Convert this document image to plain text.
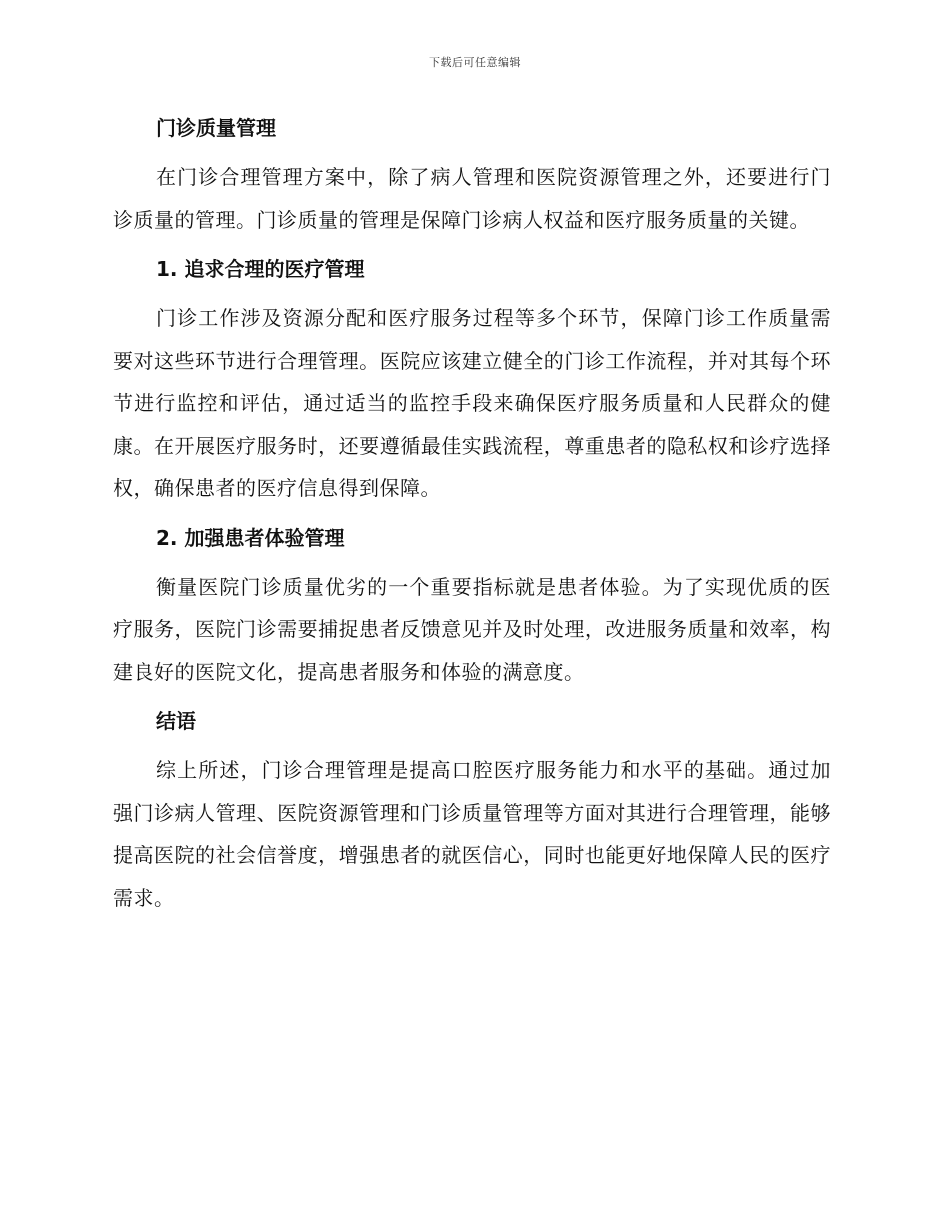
下载后可任意编辑
门诊质量管理

在门诊合理管理方案中，除了病人管理和医院资源管理之外，还要进行门诊质量的管理。门诊质量的管理是保障门诊病人权益和医疗服务质量的关键。

1. 追求合理的医疗管理

门诊工作涉及资源分配和医疗服务过程等多个环节，保障门诊工作质量需要对这些环节进行合理管理。医院应该建立健全的门诊工作流程，并对其每个环节进行监控和评估，通过适当的监控手段来确保医疗服务质量和人民群众的健康。在开展医疗服务时，还要遵循最佳实践流程，尊重患者的隐私权和诊疗选择权，确保患者的医疗信息得到保障。

2. 加强患者体验管理

衡量医院门诊质量优劣的一个重要指标就是患者体验。为了实现优质的医疗服务，医院门诊需要捕捉患者反馈意见并及时处理，改进服务质量和效率，构建良好的医院文化，提高患者服务和体验的满意度。

结语

综上所述，门诊合理管理是提高口腔医疗服务能力和水平的基础。通过加强门诊病人管理、医院资源管理和门诊质量管理等方面对其进行合理管理，能够提高医院的社会信誉度，增强患者的就医信心，同时也能更好地保障人民的医疗需求。
